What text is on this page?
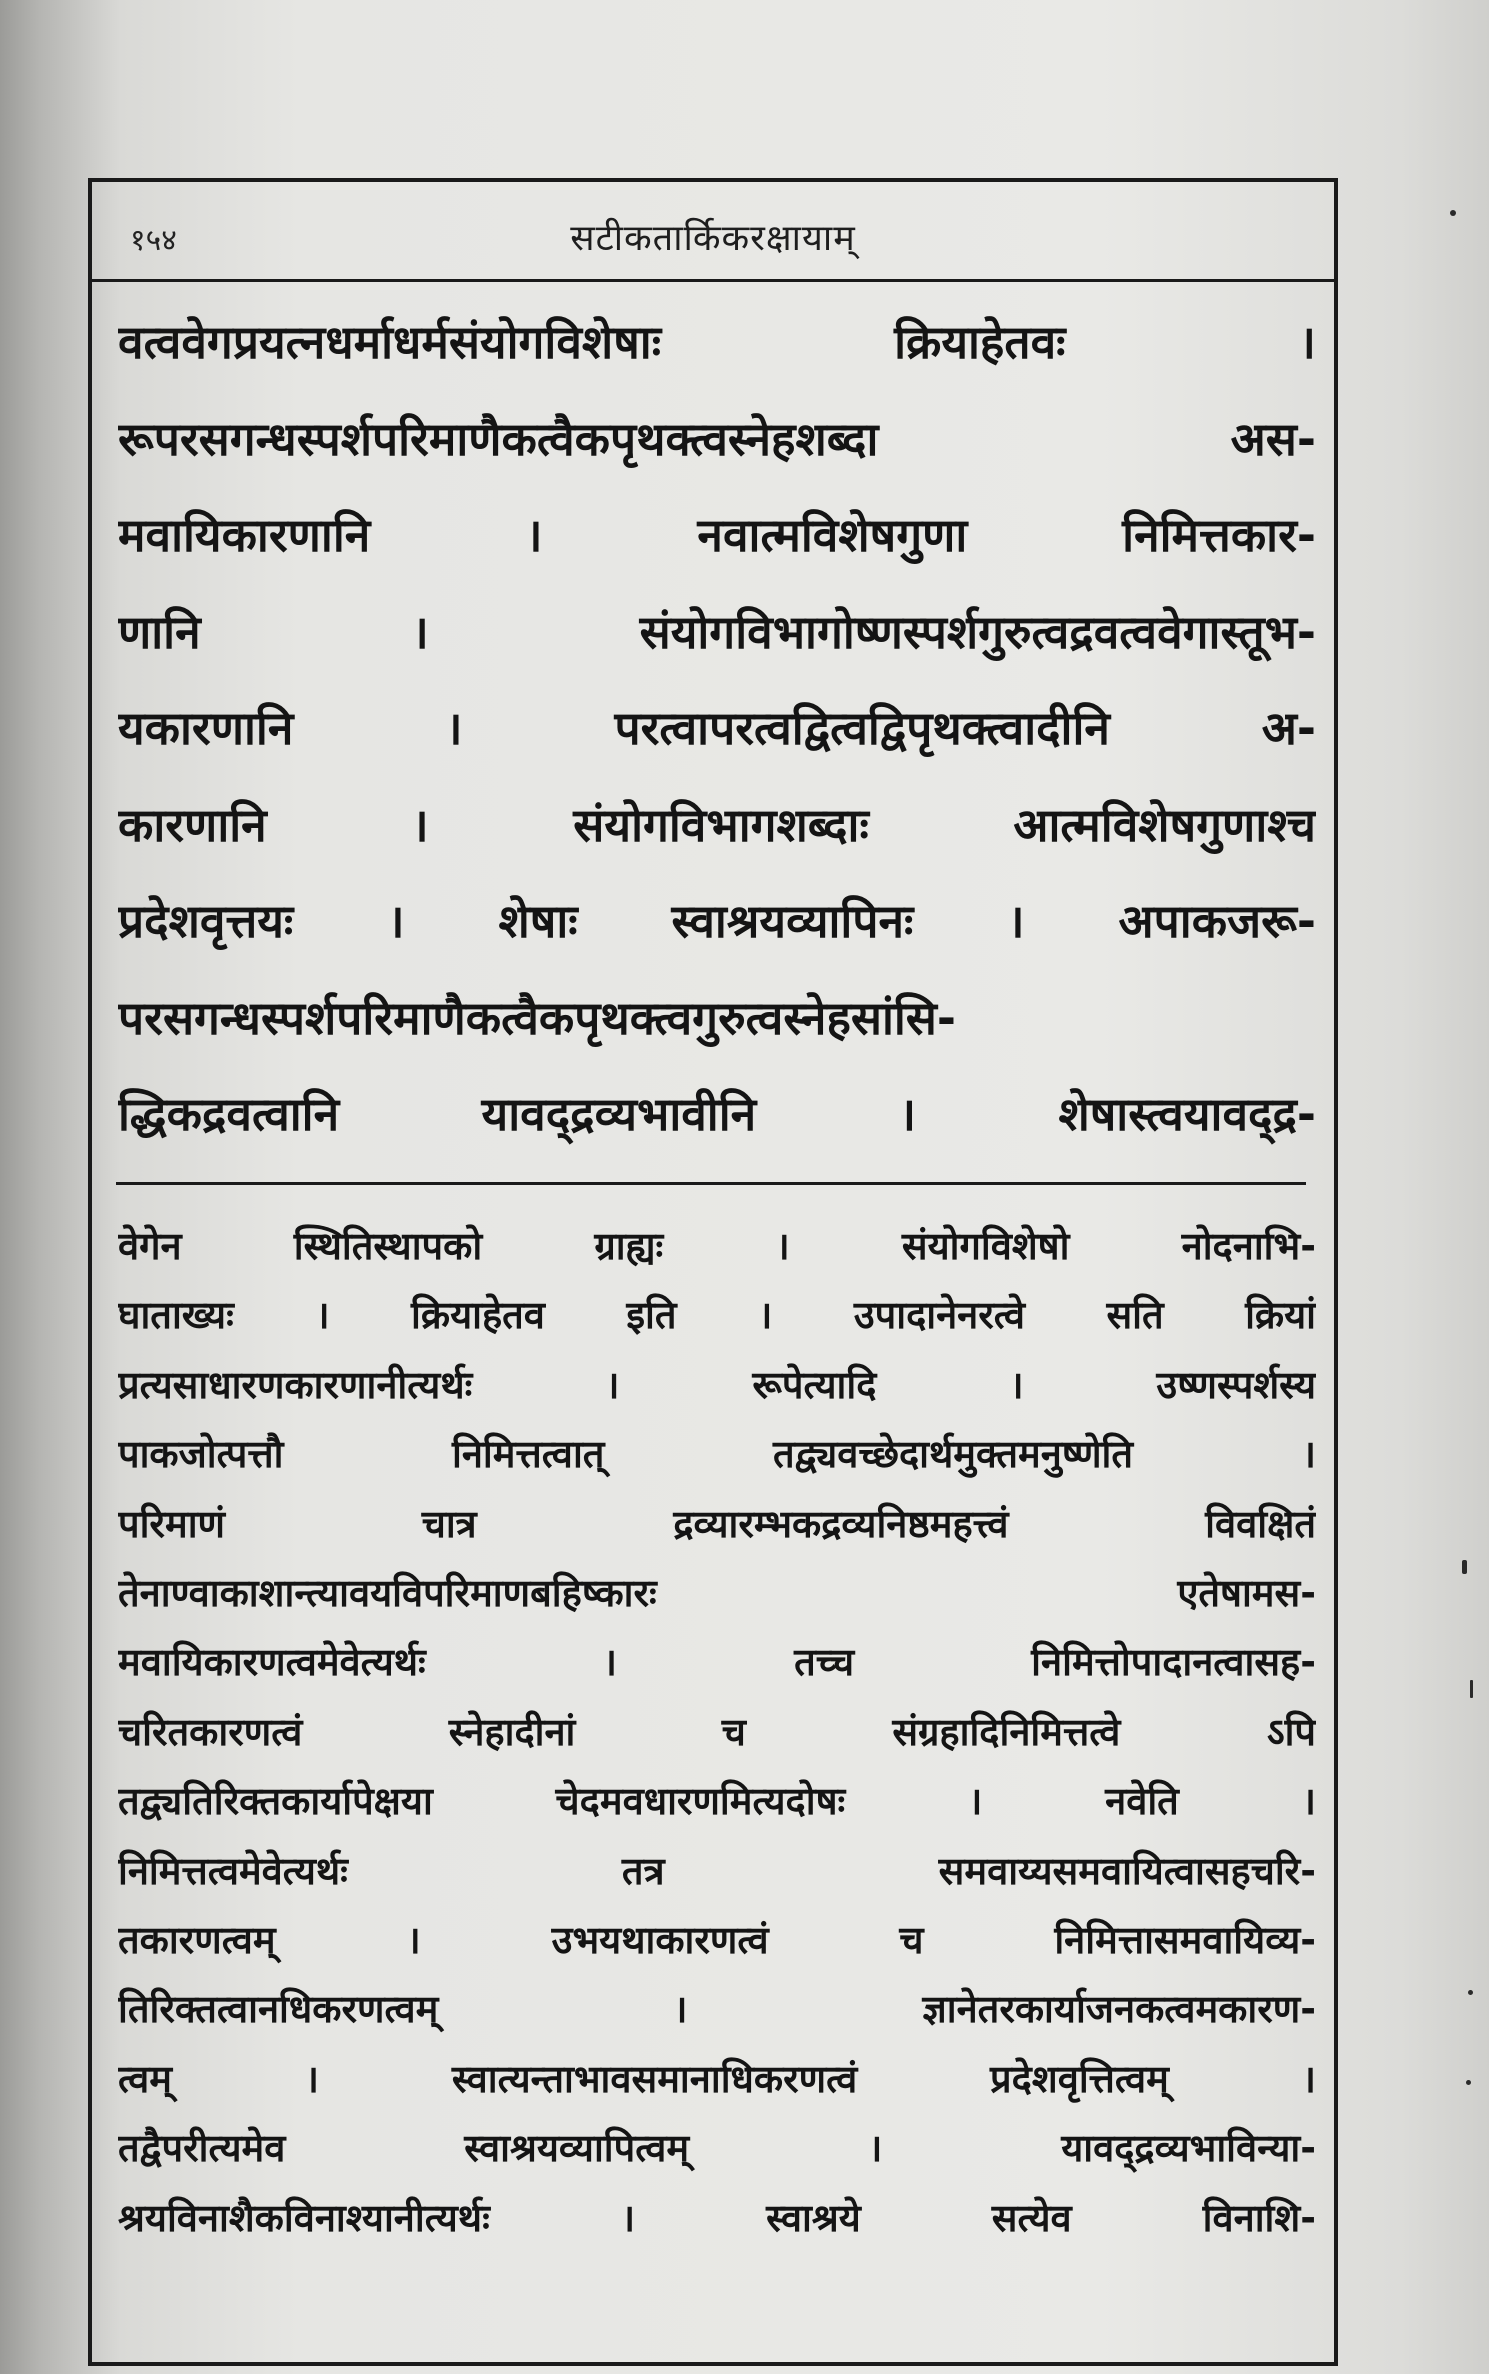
१५४	सटीकतार्किकरक्षायाम्

वत्ववेगप्रयत्नधर्माधर्मसंयोगविशेषाः क्रियाहेतवः ।

रूपरसगन्धस्पर्शपरिमाणैकत्वैकपृथक्त्वस्नेहशब्दा अस-

मवायिकारणानि । नवात्मविशेषगुणा निमित्तकार-

णानि । संयोगविभागोष्णस्पर्शगुरुत्वद्रवत्ववेगास्तूभ-

यकारणानि । परत्वापरत्वद्वित्वद्विपृथक्त्वादीनि अ-

कारणानि । संयोगविभागशब्दाः आत्मविशेषगुणाश्च

प्रदेशवृत्तयः । शेषाः स्वाश्रयव्यापिनः । अपाकजरू-

परसगन्धस्पर्शपरिमाणैकत्वैकपृथक्त्वगुरुत्वस्नेहसांसि-

द्धिकद्रवत्वानि यावद्द्रव्यभावीनि । शेषास्त्वयावद्द्र-

वेगेन स्थितिस्थापको ग्राह्यः । संयोगविशेषो नोदनाभि-

घाताख्यः । क्रियाहेतव इति । उपादानेनरत्वे सति क्रियां

प्रत्यसाधारणकारणानीत्यर्थः । रूपेत्यादि । उष्णस्पर्शस्य

पाकजोत्पत्तौ निमित्तत्वात् तद्व्यवच्छेदार्थमुक्तमनुष्णेति ।

परिमाणं चात्र द्रव्यारम्भकद्रव्यनिष्ठमहत्त्वं विवक्षितं

तेनाण्वाकाशान्त्यावयविपरिमाणबहिष्कारः एतेषामस-

मवायिकारणत्वमेवेत्यर्थः । तच्च निमित्तोपादानत्वासह-

चरितकारणत्वं स्नेहादीनां च संग्रहादिनिमित्तत्वे ऽपि

तद्व्यतिरिक्तकार्यापेक्षया चेदमवधारणमित्यदोषः । नवेति ।

निमित्तत्वमेवेत्यर्थः तत्र समवाय्यसमवायित्वासहचरि-

तकारणत्वम् । उभयथाकारणत्वं च निमित्तासमवायिव्य-

तिरिक्तत्वानधिकरणत्वम् । ज्ञानेतरकार्याजनकत्वमकारण-

त्वम् । स्वात्यन्ताभावसमानाधिकरणत्वं प्रदेशवृत्तित्वम् ।

तद्वैपरीत्यमेव स्वाश्रयव्यापित्वम् । यावद्द्रव्यभाविन्या-

श्रयविनाशैकविनाश्यानीत्यर्थः । स्वाश्रये सत्येव विनाशि-
